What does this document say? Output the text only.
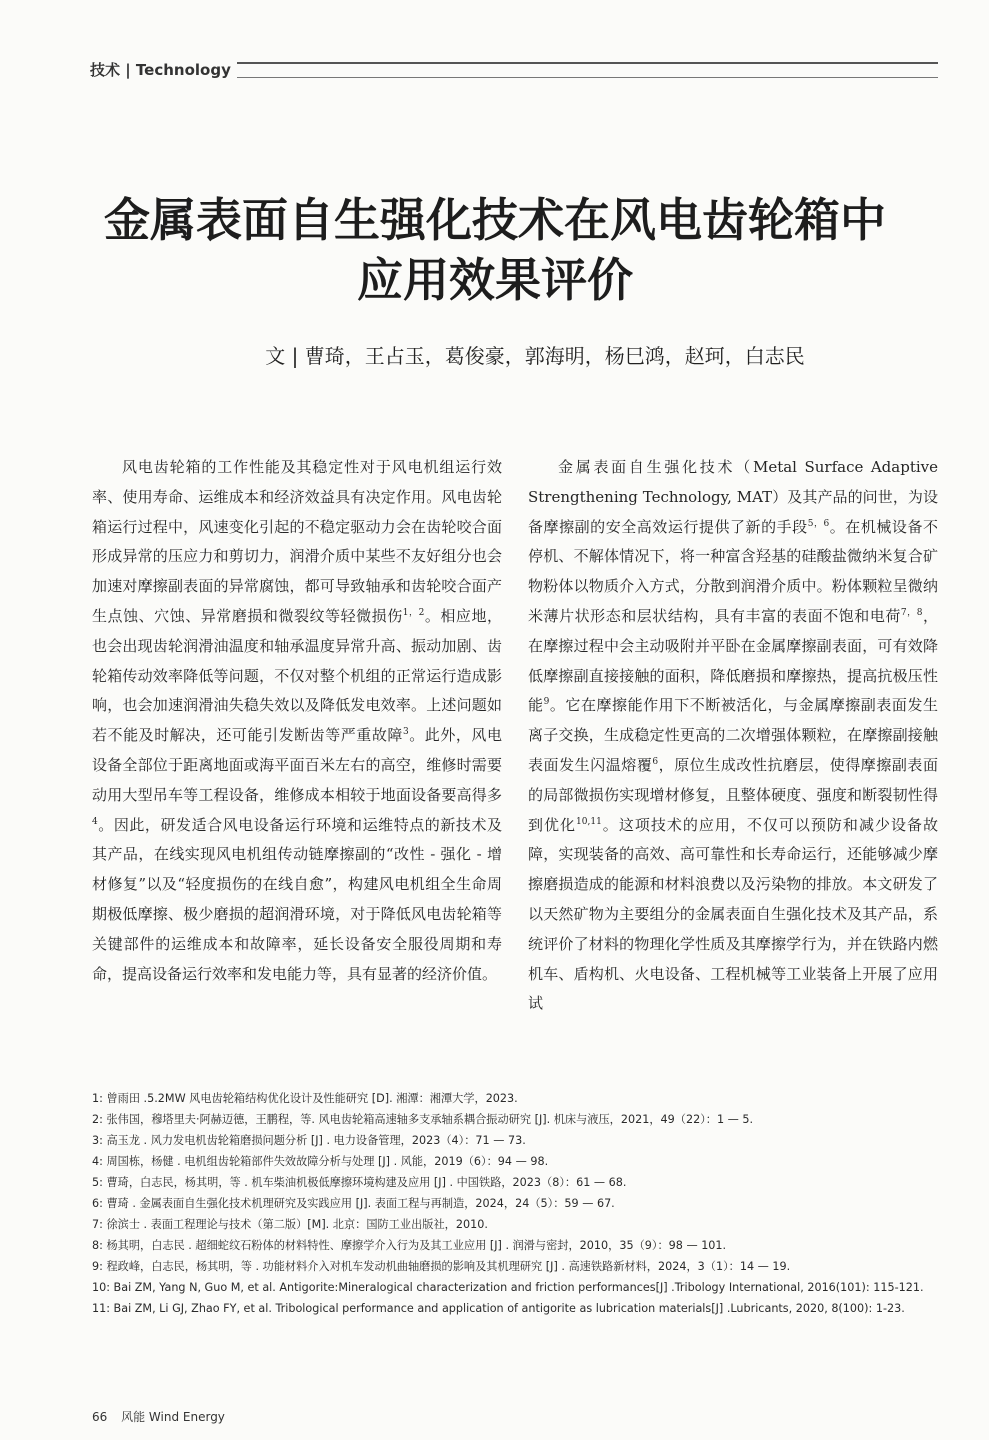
技术 | Technology
金属表面自生强化技术在风电齿轮箱中
应用效果评价
文 | 曹琦，王占玉，葛俊豪，郭海明，杨巳鸿，赵珂，白志民

风电齿轮箱的工作性能及其稳定性对于风电机组运行效率、使用寿命、运维成本和经济效益具有决定作用。风电齿轮箱运行过程中，风速变化引起的不稳定驱动力会在齿轮咬合面形成异常的压应力和剪切力，润滑介质中某些不友好组分也会加速对摩擦副表面的异常腐蚀，都可导致轴承和齿轮咬合面产生点蚀、穴蚀、异常磨损和微裂纹等轻微损伤$^{1,2}$。相应地，也会出现齿轮润滑油温度和轴承温度异常升高、振动加剧、齿轮箱传动效率降低等问题，不仅对整个机组的正常运行造成影响，也会加速润滑油失稳失效以及降低发电效率。上述问题如若不能及时解决，还可能引发断齿等严重故障$^3$。此外，风电设备全部位于距离地面或海平面百米左右的高空，维修时需要动用大型吊车等工程设备，维修成本相较于地面设备要高得多$^4$。因此，研发适合风电设备运行环境和运维特点的新技术及其产品，在线实现风电机组传动链摩擦副的“改性 - 强化 - 增材修复”以及“轻度损伤的在线自愈”，构建风电机组全生命周期极低摩擦、极少磨损的超润滑环境，对于降低风电齿轮箱等关键部件的运维成本和故障率，延长设备安全服役周期和寿命，提高设备运行效率和发电能力等，具有显著的经济价值。

金属表面自生强化技术（Metal Surface Adaptive Strengthening Technology, MAT）及其产品的问世，为设备摩擦副的安全高效运行提供了新的手段$^{5,6}$。在机械设备不停机、不解体情况下，将一种富含羟基的硅酸盐微纳米复合矿物粉体以物质介入方式，分散到润滑介质中。粉体颗粒呈微纳米薄片状形态和层状结构，具有丰富的表面不饱和电荷$^{7,8}$，在摩擦过程中会主动吸附并平卧在金属摩擦副表面，可有效降低摩擦副直接接触的面积，降低磨损和摩擦热，提高抗极压性能$^9$。它在摩擦能作用下不断被活化，与金属摩擦副表面发生离子交换，生成稳定性更高的二次增强体颗粒，在摩擦副接触表面发生闪温熔覆$^6$，原位生成改性抗磨层，使得摩擦副表面的局部微损伤实现增材修复，且整体硬度、强度和断裂韧性得到优化$^{10,11}$。这项技术的应用，不仅可以预防和减少设备故障，实现装备的高效、高可靠性和长寿命运行，还能够减少摩擦磨损造成的能源和材料浪费以及污染物的排放。本文研发了以天然矿物为主要组分的金属表面自生强化技术及其产品，系统评价了材料的物理化学性质及其摩擦学行为，并在铁路内燃机车、盾构机、火电设备、工程机械等工业装备上开展了应用试

1: 曾雨田 .5.2MW 风电齿轮箱结构优化设计及性能研究 [D]. 湘潭：湘潭大学，2023.

2: 张伟国，穆塔里夫·阿赫迈德，王鹏程，等. 风电齿轮箱高速轴多支承轴系耦合振动研究 [J]. 机床与液压，2021，49（22）：1 — 5.

3: 高玉龙 . 风力发电机齿轮箱磨损问题分析 [J] . 电力设备管理，2023（4）：71 — 73.

4: 周国栋，杨健 . 电机组齿轮箱部件失效故障分析与处理 [J] . 风能，2019（6）：94 — 98.

5: 曹琦，白志民，杨其明，等 . 机车柴油机极低摩擦环境构建及应用 [J] . 中国铁路，2023（8）：61 — 68.

6: 曹琦 . 金属表面自生强化技术机理研究及实践应用 [J]. 表面工程与再制造，2024，24（5）：59 — 67.

7: 徐滨士 . 表面工程理论与技术（第二版）[M]. 北京：国防工业出版社，2010.

8: 杨其明，白志民 . 超细蛇纹石粉体的材料特性、摩擦学介入行为及其工业应用 [J] . 润滑与密封，2010，35（9）：98 — 101.

9: 程政峰，白志民，杨其明，等 . 功能材料介入对机车发动机曲轴磨损的影响及其机理研究 [J] . 高速铁路新材料，2024，3（1）：14 — 19.

10: Bai ZM, Yang N, Guo M, et al. Antigorite:Mineralogical characterization and friction performances[J] .Tribology International, 2016(101): 115-121.

11: Bai ZM, Li GJ, Zhao FY, et al. Tribological performance and application of antigorite as lubrication materials[J] .Lubricants, 2020, 8(100): 1-23.

66 风能 Wind Energy
